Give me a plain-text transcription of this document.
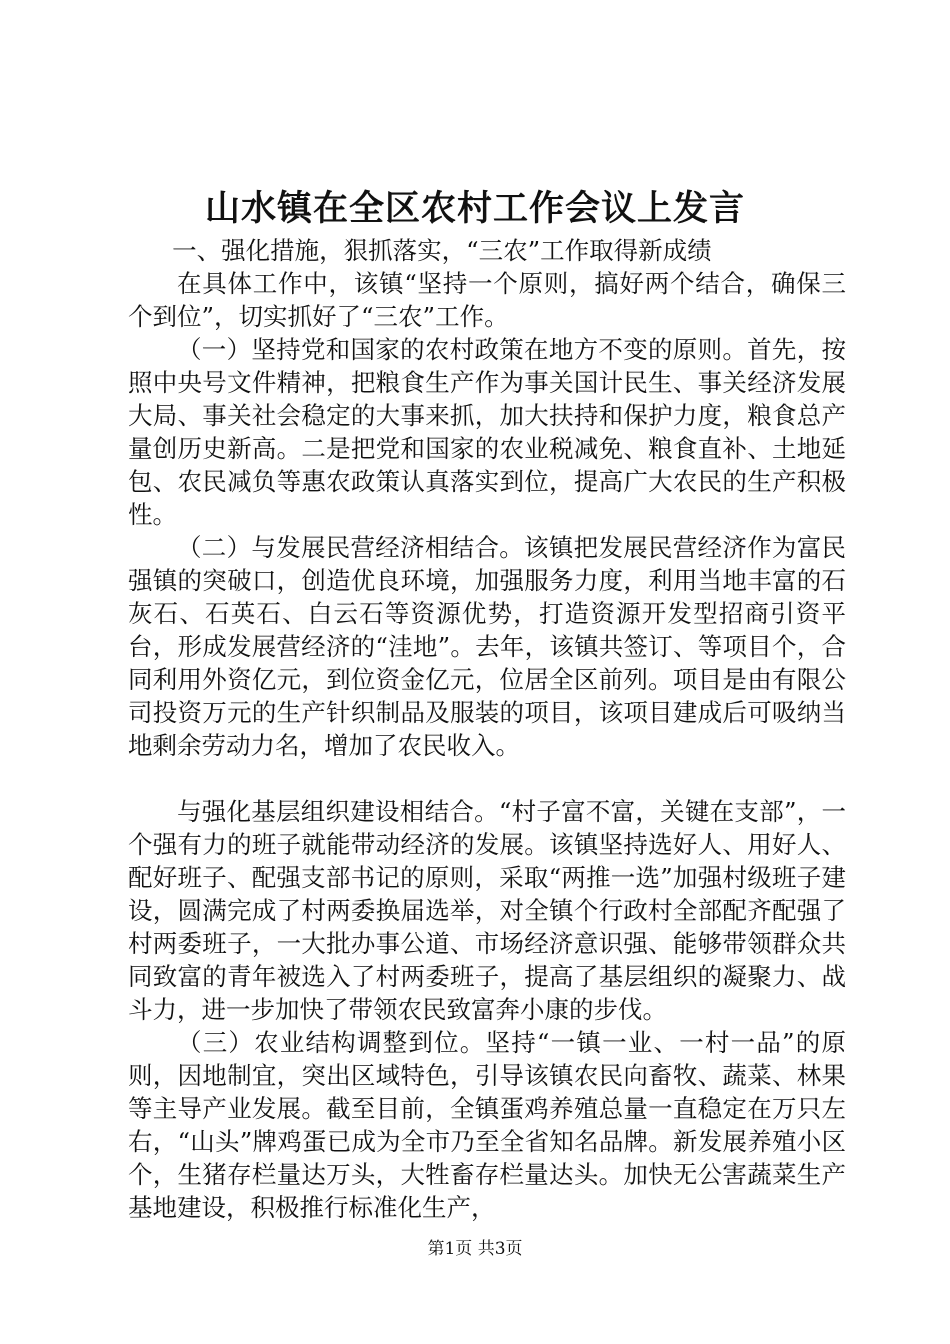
山水镇在全区农村工作会议上发言

一、强化措施，狠抓落实，“三农”工作取得新成绩

在具体工作中，该镇“坚持一个原则，搞好两个结合，确保三个到位”，切实抓好了“三农”工作。

（一）坚持党和国家的农村政策在地方不变的原则。首先，按照中央号文件精神，把粮食生产作为事关国计民生、事关经济发展大局、事关社会稳定的大事来抓，加大扶持和保护力度，粮食总产量创历史新高。二是把党和国家的农业税减免、粮食直补、土地延包、农民减负等惠农政策认真落实到位，提高广大农民的生产积极性。

（二）与发展民营经济相结合。该镇把发展民营经济作为富民强镇的突破口，创造优良环境，加强服务力度，利用当地丰富的石灰石、石英石、白云石等资源优势，打造资源开发型招商引资平台，形成发展营经济的“洼地”。去年，该镇共签订、等项目个，合同利用外资亿元，到位资金亿元，位居全区前列。项目是由有限公司投资万元的生产针织制品及服装的项目，该项目建成后可吸纳当地剩余劳动力名，增加了农民收入。

与强化基层组织建设相结合。“村子富不富，关键在支部”，一个强有力的班子就能带动经济的发展。该镇坚持选好人、用好人、配好班子、配强支部书记的原则，采取“两推一选”加强村级班子建设，圆满完成了村两委换届选举，对全镇个行政村全部配齐配强了村两委班子，一大批办事公道、市场经济意识强、能够带领群众共同致富的青年被选入了村两委班子，提高了基层组织的凝聚力、战斗力，进一步加快了带领农民致富奔小康的步伐。

（三）农业结构调整到位。坚持“一镇一业、一村一品”的原则，因地制宜，突出区域特色，引导该镇农民向畜牧、蔬菜、林果等主导产业发展。截至目前，全镇蛋鸡养殖总量一直稳定在万只左右，“山头”牌鸡蛋已成为全市乃至全省知名品牌。新发展养殖小区个，生猪存栏量达万头，大牲畜存栏量达头。加快无公害蔬菜生产基地建设，积极推行标准化生产，

第1页 共3页
